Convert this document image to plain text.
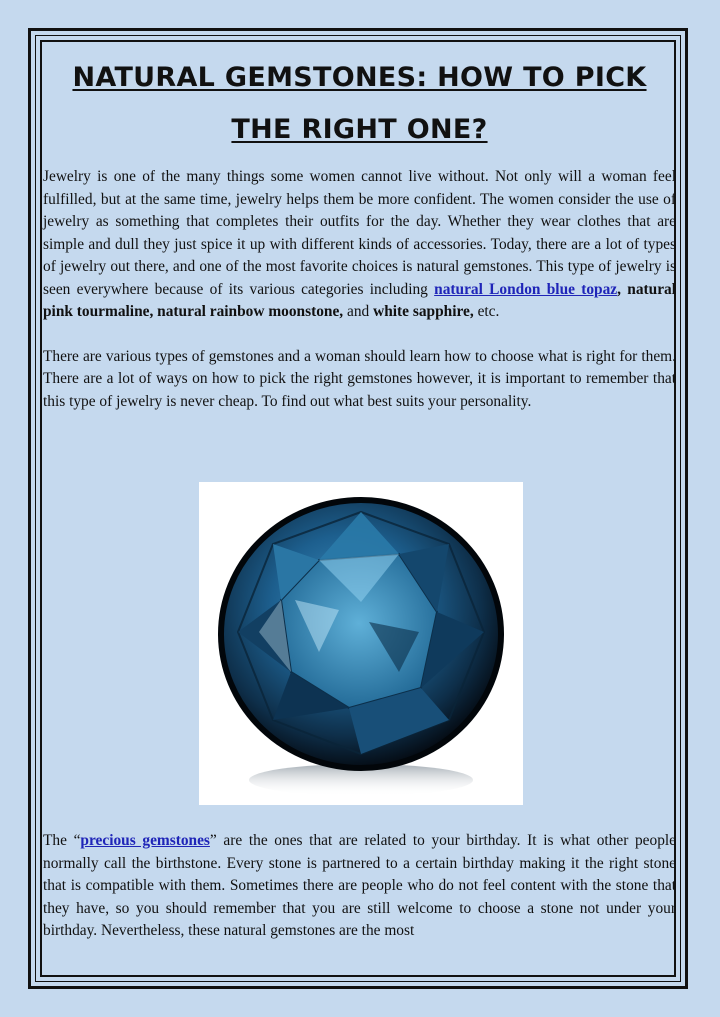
NATURAL GEMSTONES: HOW TO PICK
THE RIGHT ONE?

Jewelry is one of the many things some women cannot live without. Not only will a woman feel fulfilled, but at the same time, jewelry helps them be more confident. The women consider the use of jewelry as something that completes their outfits for the day. Whether they wear clothes that are simple and dull they just spice it up with different kinds of accessories. Today, there are a lot of types of jewelry out there, and one of the most favorite choices is natural gemstones. This type of jewelry is seen everywhere because of its various categories including natural London blue topaz, natural pink tourmaline, natural rainbow moonstone, and white sapphire, etc.

There are various types of gemstones and a woman should learn how to choose what is right for them. There are a lot of ways on how to pick the right gemstones however, it is important to remember that this type of jewelry is never cheap. To find out what best suits your personality.

The “precious gemstones” are the ones that are related to your birthday. It is what other people normally call the birthstone. Every stone is partnered to a certain birthday making it the right stone that is compatible with them. Sometimes there are people who do not feel content with the stone that they have, so you should remember that you are still welcome to choose a stone not under your birthday. Nevertheless, these natural gemstones are the most
